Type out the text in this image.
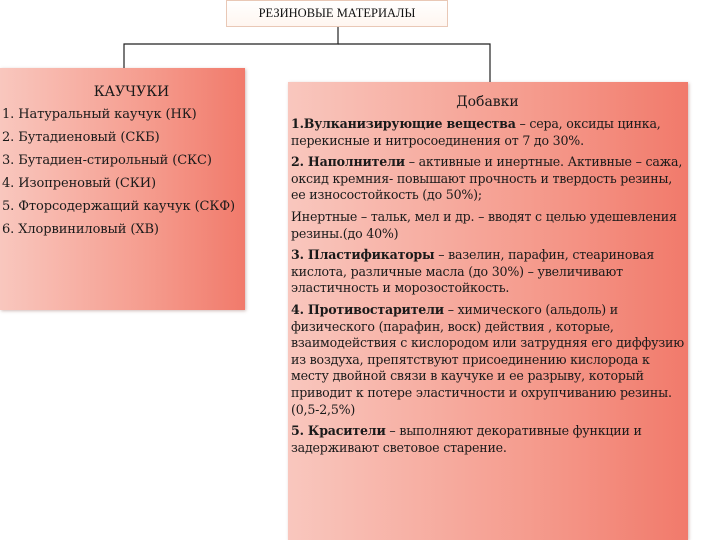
РЕЗИНОВЫЕ МАТЕРИАЛЫ
КАУЧУКИ
1. Натуральный каучук (НК)
2. Бутадиеновый (СКБ)
3. Бутадиен-стирольный (СКС)
4. Изопреновый (СКИ)
5. Фторсодержащий каучук (СКФ)
6. Хлорвиниловый (ХВ)
Добавки
1.Вулканизирующие вещества – сера, оксиды цинка, перекисные и нитросоединения от 7 до 30%.
2. Наполнители – активные и инертные. Активные – сажа, оксид кремния- повышают прочность и твердость резины, ее износостойкость (до 50%);
Инертные – тальк, мел и др. – вводят с целью удешевления резины.(до 40%)
3. Пластификаторы – вазелин, парафин, стеариновая кислота, различные масла (до 30%) – увеличивают эластичность и морозостойкость.
4. Противостарители – химического (альдоль) и физического (парафин, воск) действия , которые, взаимодействия с кислородом или затрудняя его диффузию из воздуха, препятствуют присоединению кислорода к месту двойной связи в каучуке и ее разрыву, который приводит к потере эластичности и охрупчиванию резины. (0,5-2,5%)
5. Красители – выполняют декоративные функции и задерживают световое старение.
